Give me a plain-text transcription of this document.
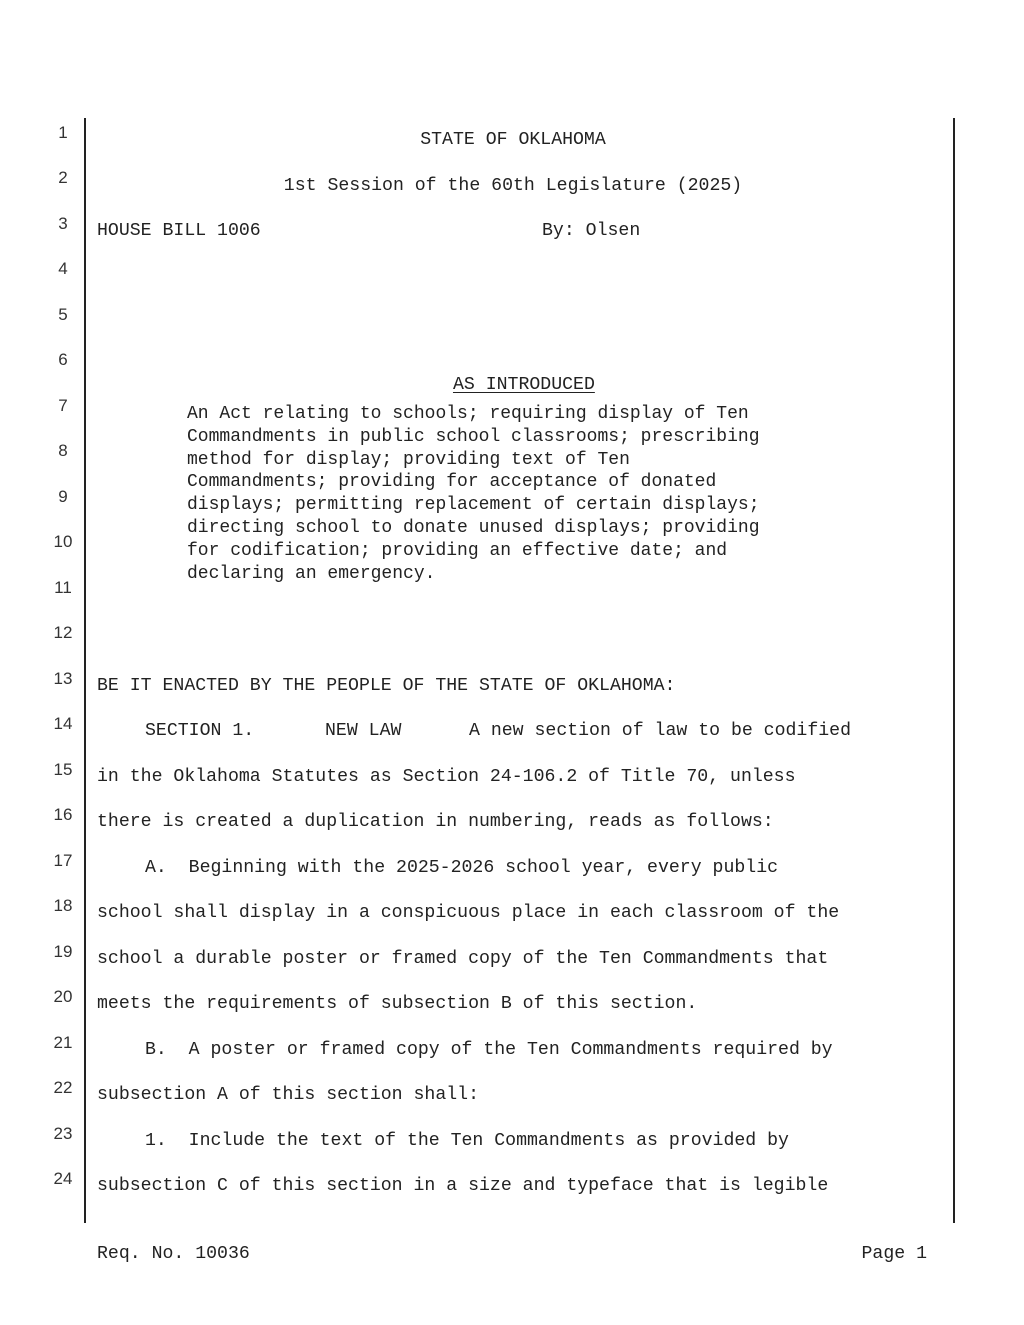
1
2
3
4
5
6
7
8
9
10
11
12
13
14
15
16
17
18
19
20
21
22
23
24
STATE OF OKLAHOMA
1st Session of the 60th Legislature (2025)
HOUSE BILL 1006	By: Olsen

AS INTRODUCED

An Act relating to schools; requiring display of Ten
Commandments in public school classrooms; prescribing
method for display; providing text of Ten
Commandments; providing for acceptance of donated
displays; permitting replacement of certain displays;
directing school to donate unused displays; providing
for codification; providing an effective date; and
declaring an emergency.
BE IT ENACTED BY THE PEOPLE OF THE STATE OF OKLAHOMA:
SECTION 1.	NEW LAW	A new section of law to be codified
in the Oklahoma Statutes as Section 24-106.2 of Title 70, unless
there is created a duplication in numbering, reads as follows:
A.  Beginning with the 2025-2026 school year, every public
school shall display in a conspicuous place in each classroom of the
school a durable poster or framed copy of the Ten Commandments that
meets the requirements of subsection B of this section.
B.  A poster or framed copy of the Ten Commandments required by
subsection A of this section shall:
1.  Include the text of the Ten Commandments as provided by
subsection C of this section in a size and typeface that is legible
Req. No. 10036	Page 1
